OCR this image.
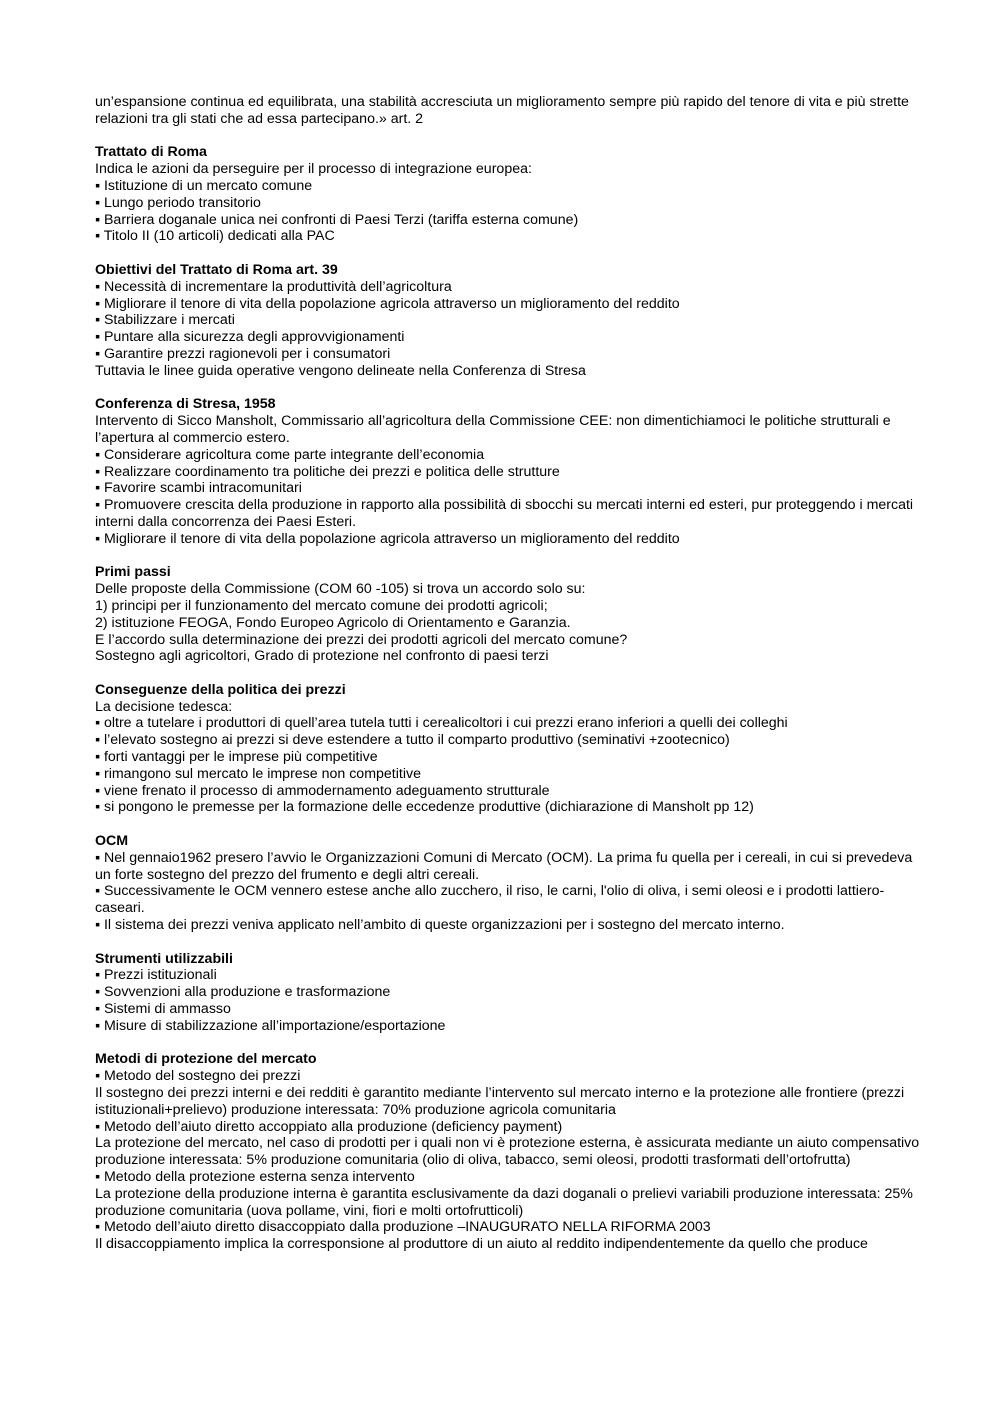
un’espansione continua ed equilibrata, una stabilità accresciuta un miglioramento sempre più rapido del tenore di vita e più strette relazioni tra gli stati che ad essa partecipano.» art. 2
Trattato di Roma
Indica le azioni da perseguire per il processo di integrazione europea:
▪ Istituzione di un mercato comune
▪ Lungo periodo transitorio
▪ Barriera doganale unica nei confronti di Paesi Terzi (tariffa esterna comune)
▪ Titolo II (10 articoli) dedicati alla PAC
Obiettivi del Trattato di Roma art. 39
▪ Necessità di incrementare la produttività dell’agricoltura
▪ Migliorare il tenore di vita della popolazione agricola attraverso un miglioramento del reddito
▪ Stabilizzare i mercati
▪ Puntare alla sicurezza degli approvvigionamenti
▪ Garantire prezzi ragionevoli per i consumatori
Tuttavia le linee guida operative vengono delineate nella Conferenza di Stresa
Conferenza di Stresa, 1958
Intervento di Sicco Mansholt, Commissario all’agricoltura della Commissione CEE: non dimentichiamoci le politiche strutturali e l’apertura al commercio estero.
▪ Considerare agricoltura come parte integrante dell’economia
▪ Realizzare coordinamento tra politiche dei prezzi e politica delle strutture
▪ Favorire scambi intracomunitari
▪ Promuovere crescita della produzione in rapporto alla possibilità di sbocchi su mercati interni ed esteri, pur proteggendo i mercati interni dalla concorrenza dei Paesi Esteri.
▪ Migliorare il tenore di vita della popolazione agricola attraverso un miglioramento del reddito
Primi passi
Delle proposte della Commissione (COM 60 -105) si trova un accordo solo su:
1) principi per il funzionamento del mercato comune dei prodotti agricoli;
2) istituzione FEOGA, Fondo Europeo Agricolo di Orientamento e Garanzia.
E l’accordo sulla determinazione dei prezzi dei prodotti agricoli del mercato comune?
Sostegno agli agricoltori, Grado di protezione nel confronto di paesi terzi
Conseguenze della politica dei prezzi
La decisione tedesca:
▪ oltre a tutelare i produttori di quell’area tutela tutti i cerealicoltori i cui prezzi erano inferiori a quelli dei colleghi
▪ l’elevato sostegno ai prezzi si deve estendere a tutto il comparto produttivo (seminativi +zootecnico)
▪ forti vantaggi per le imprese più competitive
▪ rimangono sul mercato le imprese non competitive
▪ viene frenato il processo di ammodernamento adeguamento strutturale
▪ si pongono le premesse per la formazione delle eccedenze produttive (dichiarazione di Mansholt pp 12)
OCM
▪ Nel gennaio1962 presero l’avvio le Organizzazioni Comuni di Mercato (OCM). La prima fu quella per i cereali, in cui si prevedeva un forte sostegno del prezzo del frumento e degli altri cereali.
▪ Successivamente le OCM vennero estese anche allo zucchero, il riso, le carni, l'olio di oliva, i semi oleosi e i prodotti lattiero-caseari.
▪ Il sistema dei prezzi veniva applicato nell’ambito di queste organizzazioni per i sostegno del mercato interno.
Strumenti utilizzabili
▪ Prezzi istituzionali
▪ Sovvenzioni alla produzione e trasformazione
▪ Sistemi di ammasso
▪ Misure di stabilizzazione all’importazione/esportazione
Metodi di protezione del mercato
▪ Metodo del sostegno dei prezzi
Il sostegno dei prezzi interni e dei redditi è garantito mediante l’intervento sul mercato interno e la protezione alle frontiere (prezzi istituzionali+prelievo) produzione interessata: 70% produzione agricola comunitaria
▪ Metodo dell’aiuto diretto accoppiato alla produzione (deficiency payment)
La protezione del mercato, nel caso di prodotti per i quali non vi è protezione esterna, è assicurata mediante un aiuto compensativo produzione interessata: 5% produzione comunitaria (olio di oliva, tabacco, semi oleosi, prodotti trasformati dell’ortofrutta)
▪ Metodo della protezione esterna senza intervento
La protezione della produzione interna è garantita esclusivamente da dazi doganali o prelievi variabili produzione interessata: 25% produzione comunitaria (uova pollame, vini, fiori e molti ortofrutticoli)
▪ Metodo dell’aiuto diretto disaccoppiato dalla produzione –INAUGURATO NELLA RIFORMA 2003
Il disaccoppiamento implica la corresponsione al produttore di un aiuto al reddito indipendentemente da quello che produce
